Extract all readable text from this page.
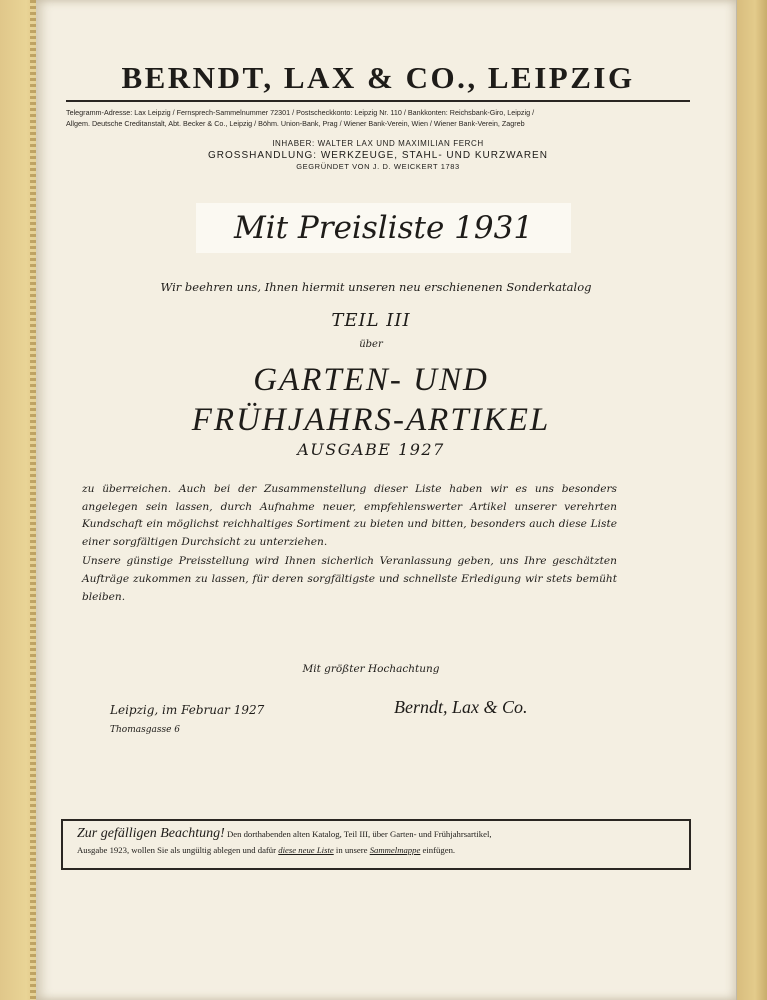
BERNDT, LAX & CO., LEIPZIG
Telegramm-Adresse: Lax Leipzig / Fernsprech-Sammelnummer 72301 / Postscheckkonto: Leipzig Nr. 110 / Bankkonten: Reichsbank-Giro, Leipzig /
Allgem. Deutsche Creditanstalt, Abt. Becker & Co., Leipzig / Böhm. Union-Bank, Prag / Wiener Bank-Verein, Wien / Wiener Bank-Verein, Zagreb
INHABER: WALTER LAX UND MAXIMILIAN FERCH
GROSSHANDLUNG: WERKZEUGE, STAHL- UND KURZWAREN
GEGRÜNDET VON J. D. WEICKERT 1783

Mit Preisliste 1931

Wir beehren uns, Ihnen hiermit unseren neu erschienenen Sonderkatalog
TEIL III
über
GARTEN- UND
FRÜHJAHRS-ARTIKEL
AUSGABE 1927

zu überreichen. Auch bei der Zusammenstellung dieser Liste haben wir es uns besonders angelegen sein lassen, durch Aufnahme neuer, empfehlenswerter Artikel unserer verehrten Kundschaft ein möglichst reichhaltiges Sortiment zu bieten und bitten, besonders auch diese Liste einer sorgfältigen Durchsicht zu unterziehen.

Unsere günstige Preisstellung wird Ihnen sicherlich Veranlassung geben, uns Ihre geschätzten Aufträge zukommen zu lassen, für deren sorgfältigste und schnellste Erledigung wir stets bemüht bleiben.

Mit größter Hochachtung
Leipzig, im Februar 1927
Thomasgasse 6
Berndt, Lax & Co.
Zur gefälligen Beachtung! Den dorthabenden alten Katalog, Teil III, über Garten- und Frühjahrsartikel,
Ausgabe 1923, wollen Sie als ungültig ablegen und dafür diese neue Liste in unsere Sammelmappe einfügen.
